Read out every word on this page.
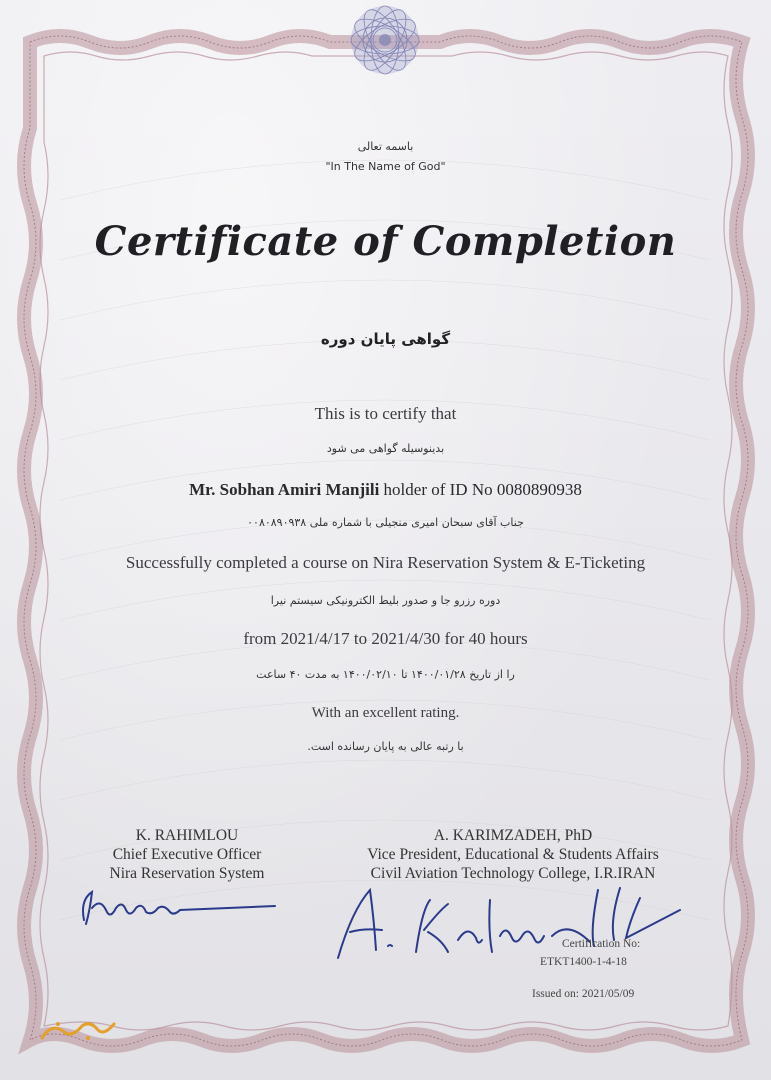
باسمه تعالی
"In The Name of God"
Certificate of Completion
گواهی پایان دوره
This is to certify that
بدینوسیله گواهی می شود
Mr. Sobhan Amiri Manjili holder of ID No 0080890938
جناب آقای سبحان امیری منجیلی با شماره ملی ۰۰۸۰۸۹۰۹۳۸
Successfully completed a course on Nira Reservation System & E-Ticketing
دوره رزرو جا و صدور بلیط الکترونیکی سیستم نیرا
from 2021/4/17 to 2021/4/30 for 40 hours
را از تاریخ ۱۴۰۰/۰۱/۲۸ تا ۱۴۰۰/۰۲/۱۰ به مدت ۴۰ ساعت
With an excellent rating.
با رتبه عالی به پایان رسانده است.
K. RAHIMLOU
Chief Executive Officer
Nira Reservation System
A. KARIMZADEH, PhD
Vice President, Educational & Students Affairs
Civil Aviation Technology College, I.R.IRAN
Certification No:
ETKT1400-1-4-18
Issued on: 2021/05/09
